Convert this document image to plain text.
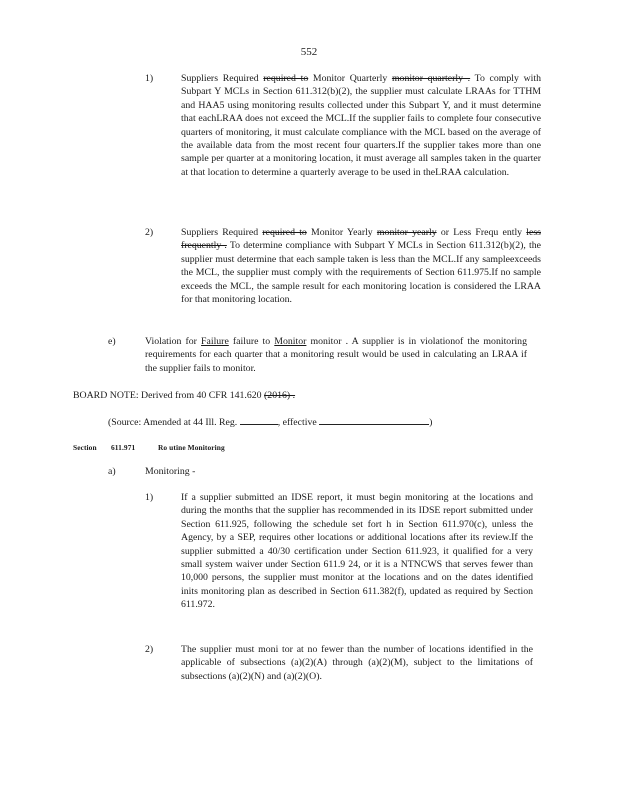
552
1)	Suppliers Required required to Monitor Quarterly monitor quarterly . To comply with Subpart Y MCLs in Section 611.312(b)(2), the supplier must calculate LRAAs for TTHM and HAA5 using monitoring results collected under this Subpart Y, and it must determine that eachLRAA does not exceed the MCL.If the supplier fails to complete four consecutive quarters of monitoring, it must calculate compliance with the MCL based on the average of the available data from the most recent four quarters.If the supplier takes more than one sample per quarter at a monitoring location, it must average all samples taken in the quarter at that location to determine a quarterly average to be used in theLRAA calculation.
2)	Suppliers Required required to Monitor Yearly monitor yearly or Less Frequ ently less frequently . To determine compliance with Subpart Y MCLs in Section 611.312(b)(2), the supplier must determine that each sample taken is less than the MCL.If any sampleexceeds the MCL, the supplier must comply with the requirements of Section 611.975.If no sample exceeds the MCL, the sample result for each monitoring location is considered the LRAA for that monitoring location.
e)	Violation for Failure failure to Monitor monitor . A supplier is in violationof the monitoring requirements for each quarter that a monitoring result would be used in calculating an LRAA if the supplier fails to monitor.
BOARD NOTE: Derived from 40 CFR 141.620 (2016) .
(Source: Amended at 44 Ill. Reg.	, effective	)
Section 611.971	Ro utine Monitoring
a)	Monitoring -
1)	If a supplier submitted an IDSE report, it must begin monitoring at the locations and during the months that the supplier has recommended in its IDSE report submitted under Section 611.925, following the schedule set fort h in Section 611.970(c), unless the Agency, by a SEP, requires other locations or additional locations after its review.If the supplier submitted a 40/30 certification under Section 611.923, it qualified for a very small system waiver under Section 611.9 24, or it is a NTNCWS that serves fewer than 10,000 persons, the supplier must monitor at the locations and on the dates identified inits monitoring plan as described in Section 611.382(f), updated as required by Section 611.972.
2)	The supplier must moni tor at no fewer than the number of locations identified in the applicable of subsections (a)(2)(A) through (a)(2)(M), subject to the limitations of subsections (a)(2)(N) and (a)(2)(O).
